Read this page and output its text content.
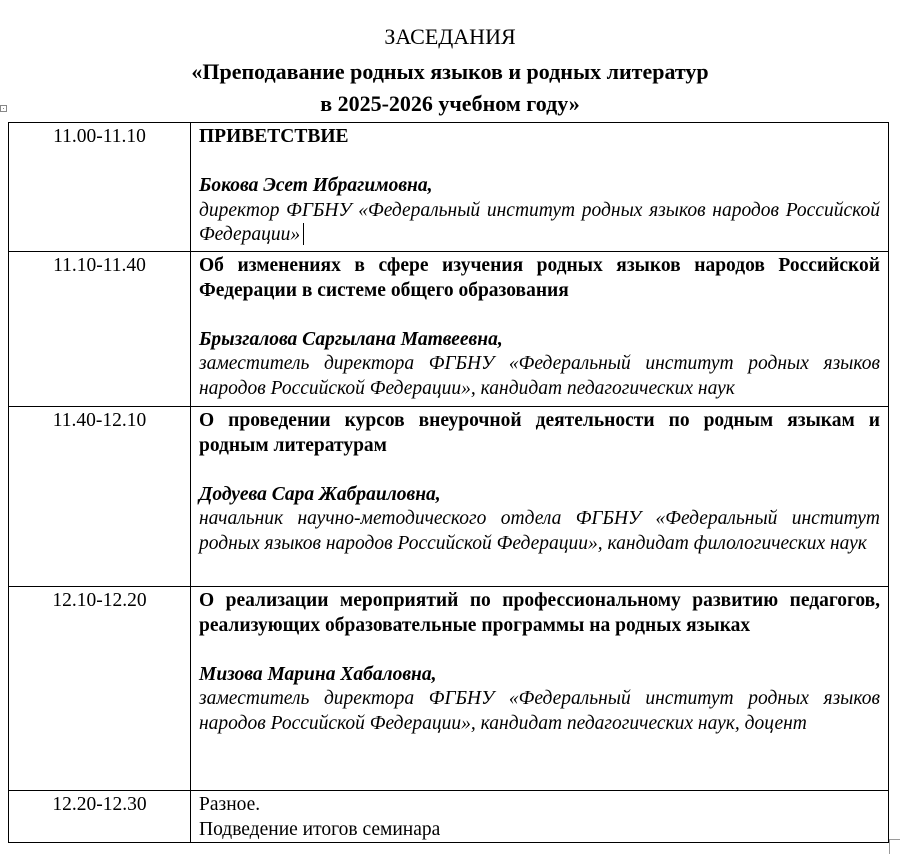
ЗАСЕДАНИЯ
«Преподавание родных языков и родных литератур
в 2025-2026 учебном году»
11.00-11.10	ПРИВЕТСТВИЕ
Бокова Эсет Ибрагимовна,
директор ФГБНУ «Федеральный институт родных языков народов Российской Федерации»

11.10-11.40	Об изменениях в сфере изучения родных языков народов Российской Федерации в системе общего образования
Брызгалова Саргылана Матвеевна,
заместитель директора ФГБНУ «Федеральный институт родных языков народов Российской Федерации», кандидат педагогических наук

11.40-12.10	О проведении курсов внеурочной деятельности по родным языкам и родным литературам
Додуева Сара Жабраиловна,
начальник научно-методического отдела ФГБНУ «Федеральный институт родных языков народов Российской Федерации», кандидат филологических наук

12.10-12.20	О реализации мероприятий по профессиональному развитию педагогов, реализующих образовательные программы на родных языках
Мизова Марина Хабаловна,
заместитель директора ФГБНУ «Федеральный институт родных языков народов Российской Федерации», кандидат педагогических наук, доцент

12.20-12.30	Разное.
Подведение итогов семинара
